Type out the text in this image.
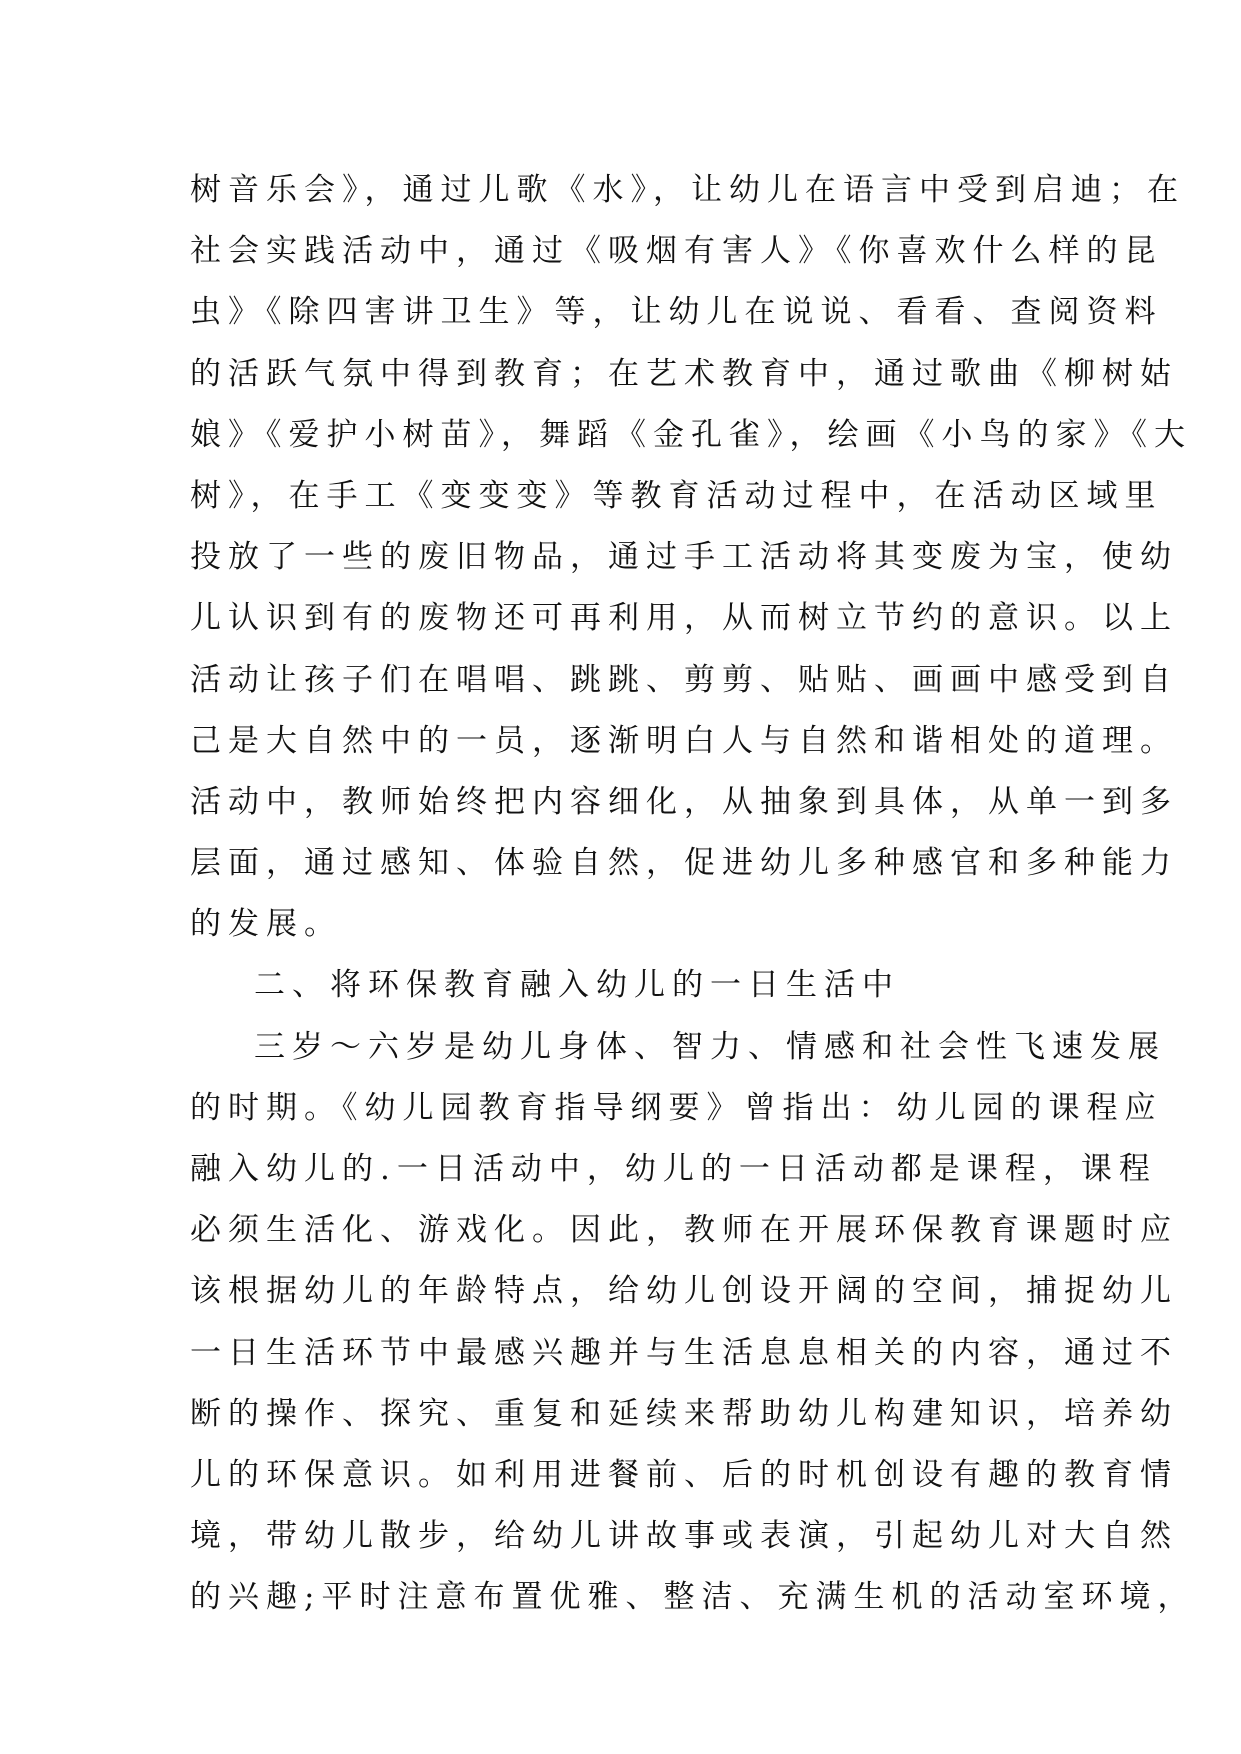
树音乐会》，通过儿歌《水》，让幼儿在语言中受到启迪；在
社会实践活动中，通过《吸烟有害人》《你喜欢什么样的昆
虫》《除四害讲卫生》等，让幼儿在说说、看看、查阅资料
的活跃气氛中得到教育；在艺术教育中，通过歌曲《柳树姑
娘》《爱护小树苗》，舞蹈《金孔雀》，绘画《小鸟的家》《大
树》，在手工《变变变》等教育活动过程中，在活动区域里
投放了一些的废旧物品，通过手工活动将其变废为宝，使幼
儿认识到有的废物还可再利用，从而树立节约的意识。以上
活动让孩子们在唱唱、跳跳、剪剪、贴贴、画画中感受到自
己是大自然中的一员，逐渐明白人与自然和谐相处的道理。
活动中，教师始终把内容细化，从抽象到具体，从单一到多
层面，通过感知、体验自然，促进幼儿多种感官和多种能力
的发展。
二、将环保教育融入幼儿的一日生活中
三岁～六岁是幼儿身体、智力、情感和社会性飞速发展
的时期。《幼儿园教育指导纲要》曾指出：幼儿园的课程应
融入幼儿的.一日活动中，幼儿的一日活动都是课程，课程
必须生活化、游戏化。因此，教师在开展环保教育课题时应
该根据幼儿的年龄特点，给幼儿创设开阔的空间，捕捉幼儿
一日生活环节中最感兴趣并与生活息息相关的内容，通过不
断的操作、探究、重复和延续来帮助幼儿构建知识，培养幼
儿的环保意识。如利用进餐前、后的时机创设有趣的教育情
境，带幼儿散步，给幼儿讲故事或表演，引起幼儿对大自然
的兴趣;平时注意布置优雅、整洁、充满生机的活动室环境，
